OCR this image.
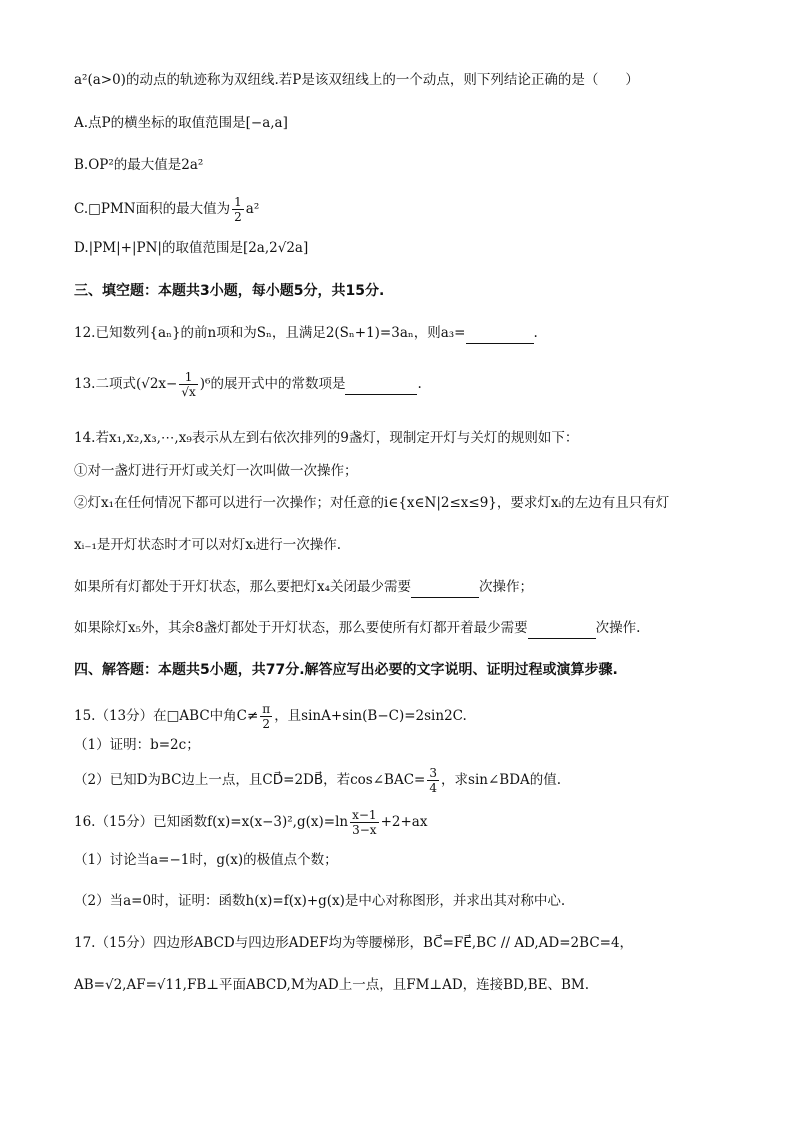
a²(a>0)的动点的轨迹称为双纽线.若P是该双纽线上的一个动点，则下列结论正确的是（　　）
A.点P的横坐标的取值范围是[−a,a]
B.OP²的最大值是2a²
C.□PMN面积的最大值为 $\frac{1}{2} a^2$
D.|PM|+|PN|的取值范围是[2a,2√2a]
三、填空题：本题共3小题，每小题5分，共15分.
12.已知数列{aₙ}的前n项和为Sₙ，且满足2(Sₙ+1)=3aₙ，则a₃=	.
13.二项式$(√2x- \frac{1}{√x} )^6$的展开式中的常数项是	.
14.若x₁,x₂,x₃,⋯,x₉表示从左到右依次排列的9盏灯，现制定开灯与关灯的规则如下：
①对一盏灯进行开灯或关灯一次叫做一次操作；
②灯x₁在任何情况下都可以进行一次操作；对任意的i∈{x∈N|2≤x≤9}，要求灯xᵢ的左边有且只有灯
xᵢ₋₁是开灯状态时才可以对灯xᵢ进行一次操作.
如果所有灯都处于开灯状态，那么要把灯x₄关闭最少需要	次操作；
如果除灯x₅外，其余8盏灯都处于开灯状态，那么要使所有灯都开着最少需要	次操作.
四、解答题：本题共5小题，共77分.解答应写出必要的文字说明、证明过程或演算步骤.
15.（13分）在□ABC中角$C\ne \frac{\pi}{2}$ ，且sinA+sin(B−C)=2sin2C.
（1）证明：b=2c；
（2）已知D为BC边上一点，且CD⃗=2DB⃗，若cos∠BAC= $\frac{3}{4}$ ，求sin∠BDA的值.
16.（15分）已知函数$f(x)=x(x-3)^2,g(x)=\ln \frac{x-1}{3-x} +2+ax$
（1）讨论当a=−1时，g(x)的极值点个数；
（2）当a=0时，证明：函数h(x)=f(x)+g(x)是中心对称图形，并求出其对称中心.
17.（15分）四边形ABCD与四边形ADEF均为等腰梯形，BC⃗=FE⃗,BC // AD,AD=2BC=4，
AB=√2,AF=√11,FB⊥平面ABCD,M为AD上一点，且FM⊥AD，连接BD,BE、BM.
